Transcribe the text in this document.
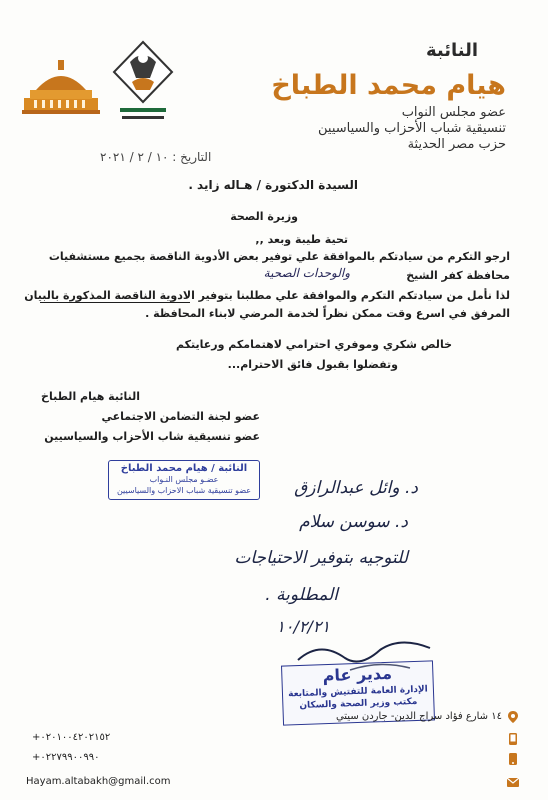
النائبة
هيام محمد الطباخ
عضو مجلس النواب
تنسيقية شباب الأحزاب والسياسيين
حزب مصر الحديثة
التاريخ : ١٠ / ٢ / ٢٠٢١
السيدة الدكتورة / هـاله زايد .
وزيرة الصحة
تحية طيبة وبعد ,,
ارجو التكرم من سيادتكم بالموافقة علي توفير بعض الأدوية الناقصة بجميع مستشفيات
محافظة كفر الشيخ
والوحدات الصحية
لذا نأمل من سيادتكم التكرم والموافقة علي مطلبنا بتوفير الادوية الناقصة المذكورة بالبيان
المرفق في اسرع وقت ممكن نظراً لخدمة المرضي لابناء المحافظة .
خالص شكري وموفري احترامي لاهتمامكم ورعايتكم
وتفضلوا بقبول فائق الاحترام...
النائبة هيام الطباخ
عضو لجنة التضامن الاجتماعي
عضو تنسيقية شاب الأحزاب والسياسيين
النائبة / هيام محمد الطباخ
عضـو مجلس النـواب
عضو تنسيقية شباب الاحزاب والسياسيين	د. وائل عبدالرازق
د. سوسن سلام
للتوجيه بتوفير الاحتياجات
المطلوبة .
١٠/٢/٢١
مدير عام
الإدارة العامة للتفتيش والمتابعة
مكتب وزير الصحة والسكان
١٤ شارع فؤاد سراج الدين- جاردن سيتي
+٠٢٠١٠٠٤٢٠٢١٥٢
+٠٢٢٧٩٩٠٠٩٩٠
Hayam.altabakh@gmail.com
